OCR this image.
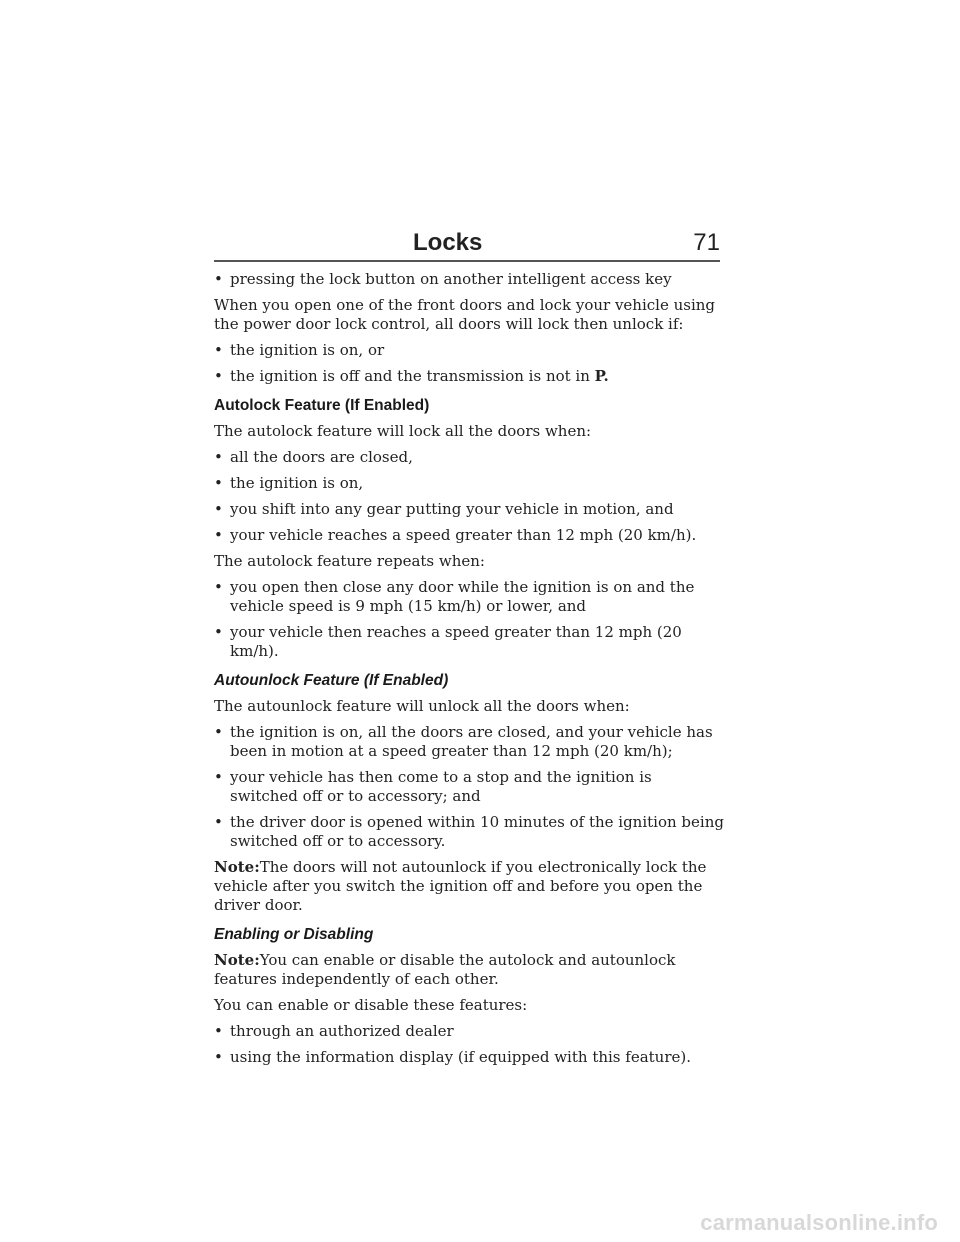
Locks	71
• pressing the lock button on another intelligent access key

When you open one of the front doors and lock your vehicle using the power door lock control, all doors will lock then unlock if:

• the ignition is on, or
• the ignition is off and the transmission is not in P.
Autolock Feature (If Enabled)

The autolock feature will lock all the doors when:

• all the doors are closed,
• the ignition is on,
• you shift into any gear putting your vehicle in motion, and
• your vehicle reaches a speed greater than 12 mph (20 km/h).

The autolock feature repeats when:

• you open then close any door while the ignition is on and the vehicle speed is 9 mph (15 km/h) or lower, and
• your vehicle then reaches a speed greater than 12 mph (20 km/h).
Autounlock Feature (If Enabled)

The autounlock feature will unlock all the doors when:

• the ignition is on, all the doors are closed, and your vehicle has been in motion at a speed greater than 12 mph (20 km/h);
• your vehicle has then come to a stop and the ignition is switched off or to accessory; and
• the driver door is opened within 10 minutes of the ignition being switched off or to accessory.

Note:The doors will not autounlock if you electronically lock the vehicle after you switch the ignition off and before you open the driver door.

Enabling or Disabling

Note:You can enable or disable the autolock and autounlock features independently of each other.

You can enable or disable these features:

• through an authorized dealer
• using the information display (if equipped with this feature).
carmanualsonline.info
